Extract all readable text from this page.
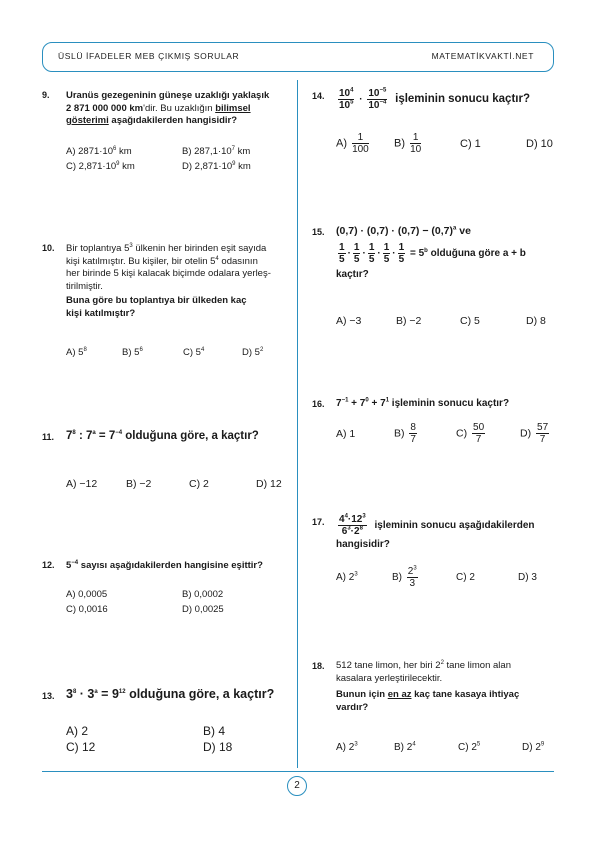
ÜSLÜ İFADELER MEB ÇIKMIŞ SORULAR	MATEMATİKVAKTİ.NET
2
9. Uranüs gezegeninin güneşe uzaklığı yaklaşık
2 871 000 000 km'dir. Bu uzaklığın bilimsel
gösterimi aşağıdakilerden hangisidir?
A) $2871\cdot 10^6$ km	B) $287,1\cdot 10^7$ km
C) $2,871\cdot 10^9$ km	D) $2,871\cdot 10^9$ km
10. Bir toplantıya $5^3$ ülkenin her birinden eşit sayıda
kişi katılmıştır. Bu kişiler, bir otelin $5^4$ odasının
her birinde 5 kişi kalacak biçimde odalara yerleş-
tirilmiştir.
Buna göre bu toplantıya bir ülkeden kaç
kişi katılmıştır?
A) $5^8$	B) $5^6$	C) $5^4$	D) $5^2$
11. $7^8$ : $7^a = 7^{-4}$ olduğuna göre, a kaçtır?
A) −12	B) −2	C) 2	D) 12
12. $5^{-4}$ sayısı aşağıdakilerden hangisine eşittir?
A) 0,0005	B) 0,0002
C) 0,0016	D) 0,0025
13. $3^8 \cdot 3^a = 9^{12}$ olduğuna göre, a kaçtır?
A) 2	B) 4
C) 12	D) 18
14. $\frac{10^4}{10^5} \cdot \frac{10^{-5}}{10^{-4}}$ işleminin sonucu kaçtır?
$A) \frac{1}{100} B) \frac{1}{10}$	C) 1	D) 10
15. $(0,7) \cdot (0,7) \cdot (0,7) - (0,7)^a$ ve
$\frac{1}{5} \cdot \frac{1}{5} \cdot \frac{1}{5} \cdot \frac{1}{5} \cdot \frac{1}{5} = 5^b$ olduğuna göre a + b
kaçtır?
A) −3	B) −2	C) 5	D) 8
16. $7^{-1} + 7^0 + 7^1$ işleminin sonucu kaçtır?
A) 1	$B) \frac{8}{7}$	$C) \frac{50}{7}$	$D) \frac{57}{7}$
17. $\frac{4^4\cdot 12^3}{6^3\cdot 2^8}$ işleminin sonucu aşağıdakilerden
hangisidir?
A) $2^3$	$B) \frac{2^3}{3}$	C) 2	D) 3
18. 512 tane limon, her biri $2^2$ tane limon alan
kasalara yerleştirilecektir.
Bunun için en az kaç tane kasaya ihtiyaç
vardır?
A) $2^3$	B) $2^4$	C) $2^5$	D) $2^9$
